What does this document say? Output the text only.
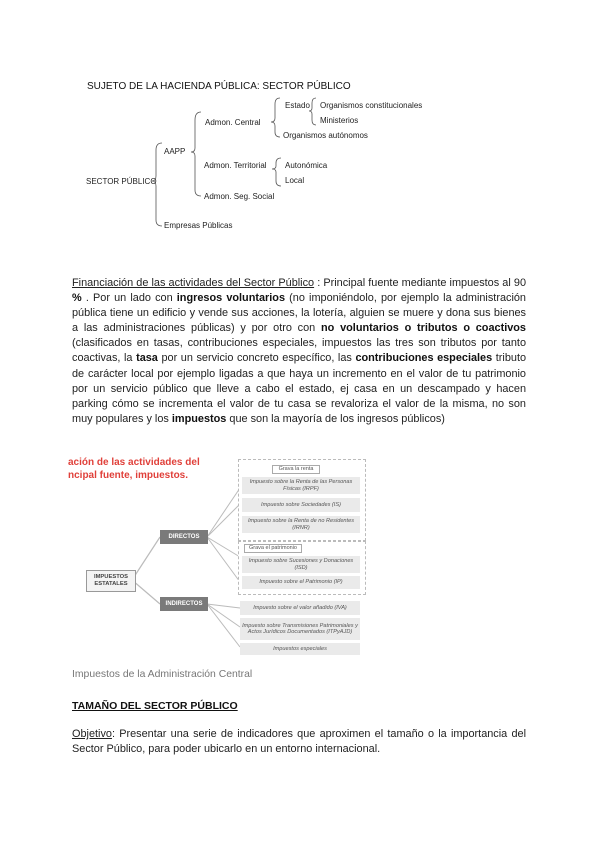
SUJETO DE LA HACIENDA PÚBLICA: SECTOR PÚBLICO
SECTOR PÚBLICO
AAPP
Empresas Públicas
Admon. Central
Admon. Territorial
Admon. Seg. Social
Estado Organismos constitucionales
Ministerios
Organismos autónomos
Autonómica
Local
Financiación de las actividades del Sector Público : Principal fuente mediante impuestos al 90 % . Por un lado con ingresos voluntarios (no imponiéndolo, por ejemplo la administración pública tiene un edificio y vende sus acciones, la lotería, alguien se muere y dona sus bienes a las administraciones públicas) y por otro con no voluntarios o tributos o coactivos (clasificados en tasas, contribuciones especiales, impuestos las tres son tributos por tanto coactivas, la tasa por un servicio concreto específico, las contribuciones especiales tributo de carácter local por ejemplo ligadas a que haya un incremento en el valor de tu patrimonio por un servicio público que lleve a cabo el estado, ej casa en un descampado y hacen parking cómo se incrementa el valor de tu casa se revaloriza el valor de la misma, no son muy populares y los impuestos que son la mayoría de los ingresos públicos)
ación de las actividades del
ncipal fuente, impuestos.
Grava la renta
Grava el patrimonio
Impuesto sobre la Renta de las Personas Físicas (IRPF)
Impuesto sobre Sociedades (IS)
Impuesto sobre la Renta de no Residentes (IRNR)
Impuesto sobre Sucesiones y Donaciones (ISD)
Impuesto sobre el Patrimonio (IP)
Impuesto sobre el valor añadido (IVA)
Impuesto sobre Transmisiones Patrimoniales y Actos Jurídicos Documentados (ITPyAJD)
Impuestos especiales
DIRECTOS
INDIRECTOS
IMPUESTOS ESTATALES
Impuestos de la Administración Central
TAMAÑO DEL SECTOR PÚBLICO
Objetivo: Presentar una serie de indicadores que aproximen el tamaño o la importancia del Sector Público, para poder ubicarlo en un entorno internacional.
